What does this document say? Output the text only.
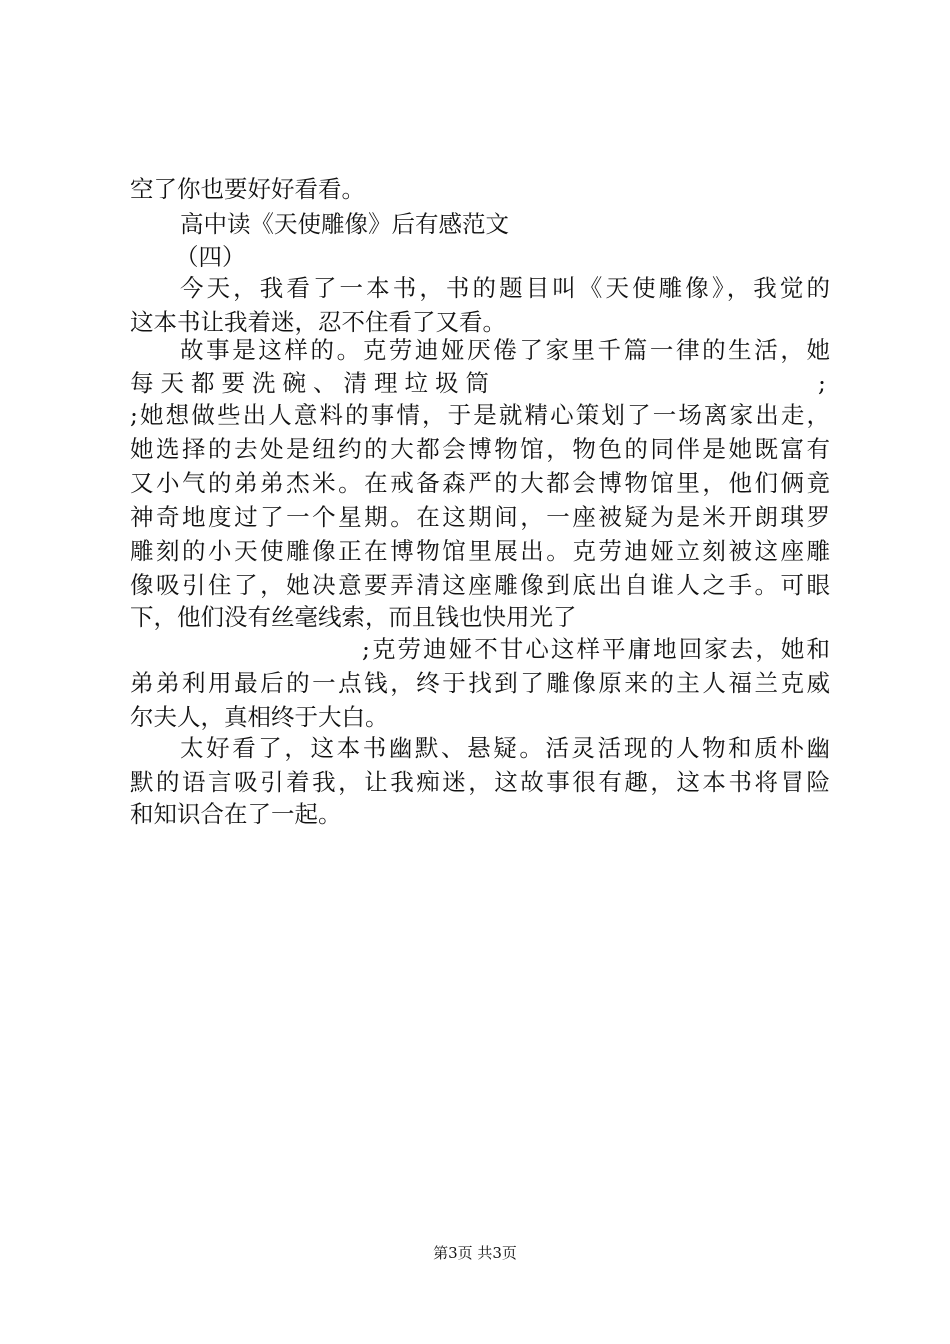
空了你也要好好看看。
高中读《天使雕像》后有感范文
（四）
今天，我看了一本书，书的题目叫《天使雕像》，我觉的
这本书让我着迷，忍不住看了又看。
故事是这样的。克劳迪娅厌倦了家里千篇一律的生活，她
每天都要洗碗、清理垃圾筒	;
;她想做些出人意料的事情，于是就精心策划了一场离家出走，
她选择的去处是纽约的大都会博物馆，物色的同伴是她既富有
又小气的弟弟杰米。在戒备森严的大都会博物馆里，他们俩竟
神奇地度过了一个星期。在这期间，一座被疑为是米开朗琪罗
雕刻的小天使雕像正在博物馆里展出。克劳迪娅立刻被这座雕
像吸引住了，她决意要弄清这座雕像到底出自谁人之手。可眼
下，他们没有丝毫线索，而且钱也快用光了
;克劳迪娅不甘心这样平庸地回家去，她和
弟弟利用最后的一点钱，终于找到了雕像原来的主人福兰克威
尔夫人，真相终于大白。
太好看了，这本书幽默、悬疑。活灵活现的人物和质朴幽
默的语言吸引着我，让我痴迷，这故事很有趣，这本书将冒险
和知识合在了一起。
第3页 共3页
